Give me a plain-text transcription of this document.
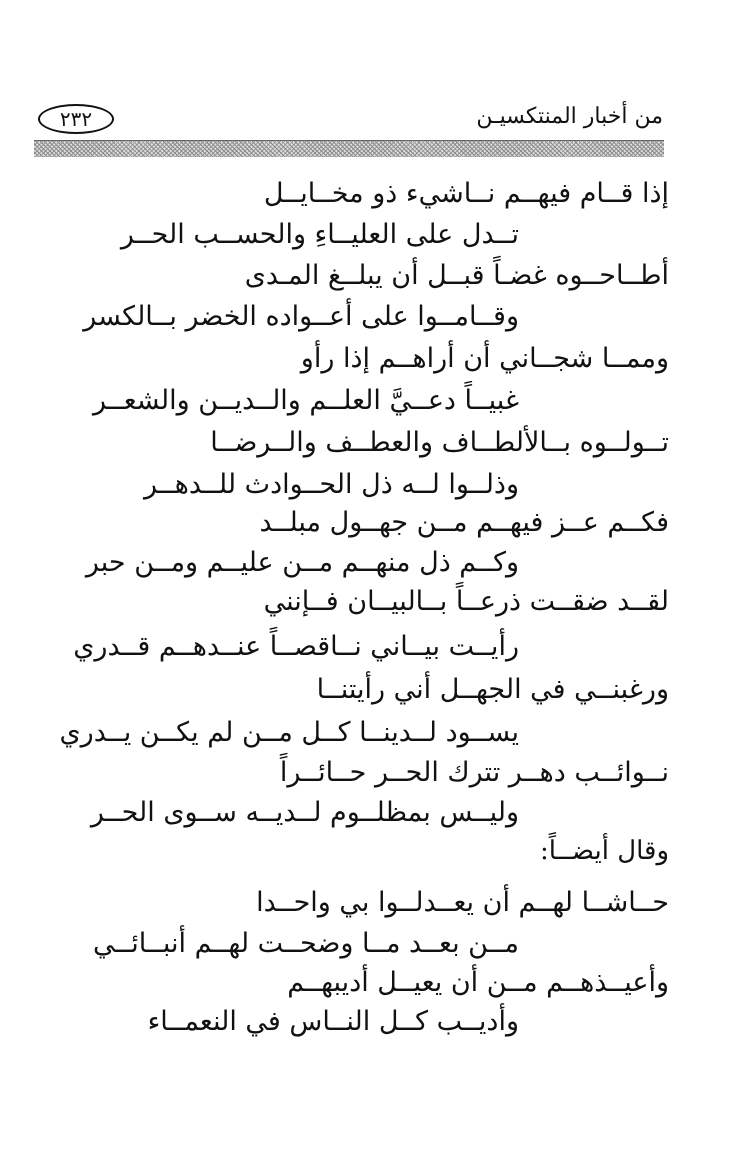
من أخبار المنتكسيـن
٢٣٢
إذا قــام فيهــم نــاشيء ذو مخــايــل
تــدل على العليــاءِ والحســب الحــر
أطــاحــوه غضـاً قبــل أن يبلــغ المـدى
وقــامــوا على أعــواده الخضر بــالكسر
وممــا شجــاني أن أراهــم إذا رأو
غبيــاً دعــيَّ العلــم والــديــن والشعــر
تــولــوه بــالألطــاف والعطــف والــرضــا
وذلــوا لــه ذل الحــوادث للــدهــر
فكــم عــز فيهــم مــن جهــول مبلــد
وكــم ذل منهــم مــن عليــم ومــن حبر
لقــد ضقــت ذرعــاً بــالبيــان فــإنني
رأيــت بيــاني نــاقصــاً عنــدهــم قــدري
ورغبنــي في الجهــل أني رأيتنــا
يســود لــدينــا كــل مــن لم يكــن يــدري
نــوائــب دهــر تترك الحــر حــائــراً
وليــس بمظلــوم لــديــه ســوى الحــر
وقال أيضــاً:
حــاشــا لهــم أن يعــدلــوا بي واحــدا
مــن بعــد مــا وضحــت لهــم أنبــائــي
وأعيــذهــم مــن أن يعيــل أديبهــم
وأديــب كــل النــاس في النعمــاء
